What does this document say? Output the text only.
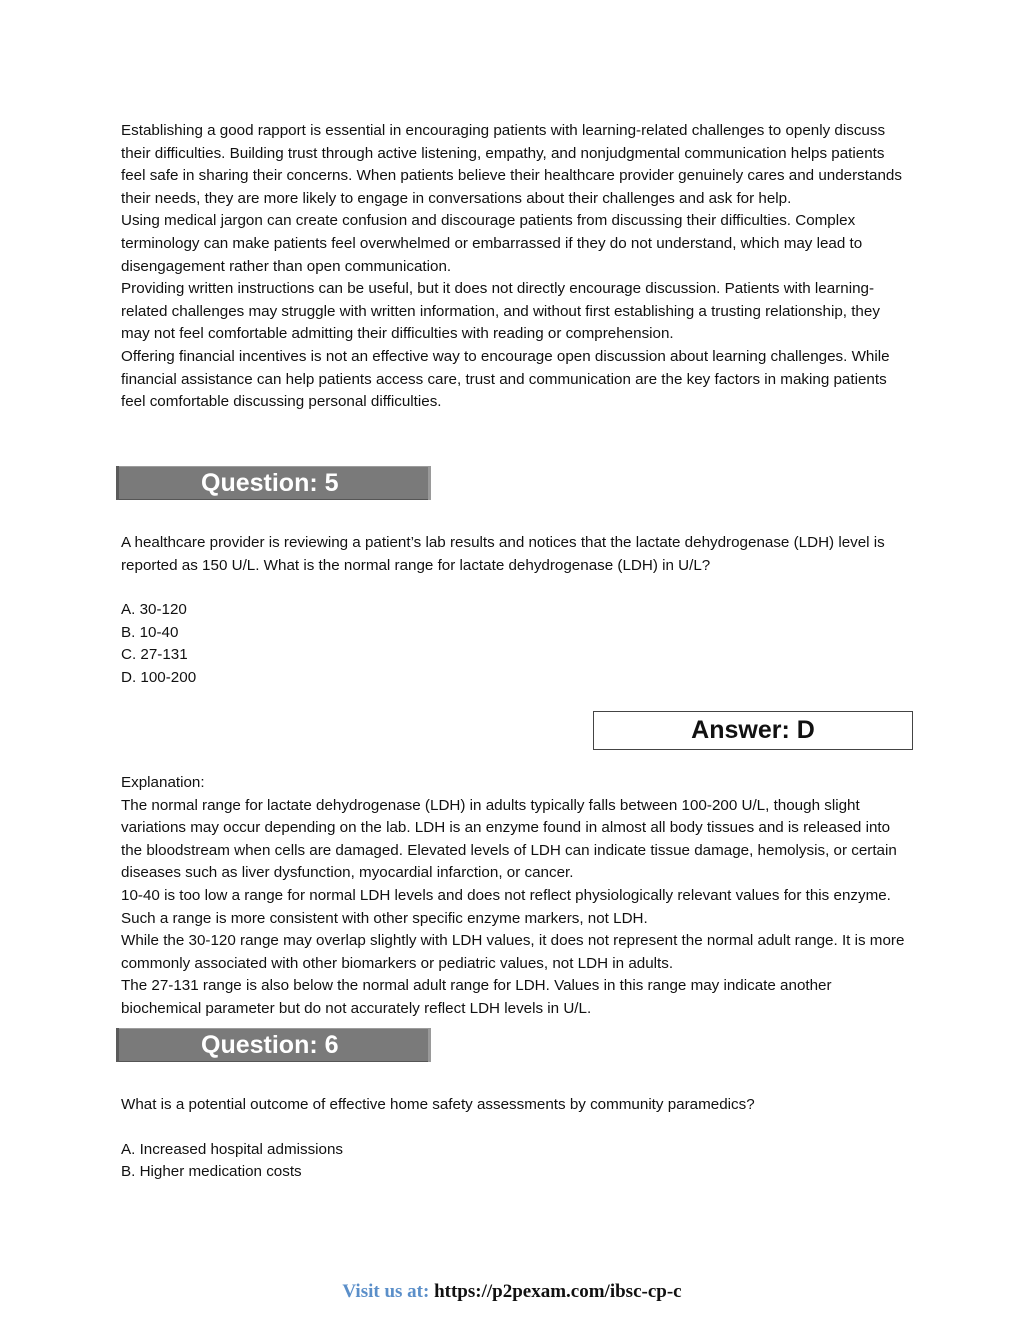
Establishing a good rapport is essential in encouraging patients with learning-related challenges to openly discuss their difficulties. Building trust through active listening, empathy, and nonjudgmental communication helps patients feel safe in sharing their concerns. When patients believe their healthcare provider genuinely cares and understands their needs, they are more likely to engage in conversations about their challenges and ask for help.

Using medical jargon can create confusion and discourage patients from discussing their difficulties. Complex terminology can make patients feel overwhelmed or embarrassed if they do not understand, which may lead to disengagement rather than open communication.

Providing written instructions can be useful, but it does not directly encourage discussion. Patients with learning-related challenges may struggle with written information, and without first establishing a trusting relationship, they may not feel comfortable admitting their difficulties with reading or comprehension.

Offering financial incentives is not an effective way to encourage open discussion about learning challenges. While financial assistance can help patients access care, trust and communication are the key factors in making patients feel comfortable discussing personal difficulties.

Question: 5

A healthcare provider is reviewing a patient’s lab results and notices that the lactate dehydrogenase (LDH) level is reported as 150 U/L. What is the normal range for lactate dehydrogenase (LDH) in U/L?

A. 30-120
B. 10-40
C. 27-131
D. 100-200
Answer: D

Explanation:

The normal range for lactate dehydrogenase (LDH) in adults typically falls between 100-200 U/L, though slight variations may occur depending on the lab. LDH is an enzyme found in almost all body tissues and is released into the bloodstream when cells are damaged. Elevated levels of LDH can indicate tissue damage, hemolysis, or certain diseases such as liver dysfunction, myocardial infarction, or cancer.

10-40 is too low a range for normal LDH levels and does not reflect physiologically relevant values for this enzyme. Such a range is more consistent with other specific enzyme markers, not LDH.

While the 30-120 range may overlap slightly with LDH values, it does not represent the normal adult range. It is more commonly associated with other biomarkers or pediatric values, not LDH in adults.

The 27-131 range is also below the normal adult range for LDH. Values in this range may indicate another biochemical parameter but do not accurately reflect LDH levels in U/L.

Question: 6
What is a potential outcome of effective home safety assessments by community paramedics?
A. Increased hospital admissions
B. Higher medication costs
Visit us at: https://p2pexam.com/ibsc-cp-c
